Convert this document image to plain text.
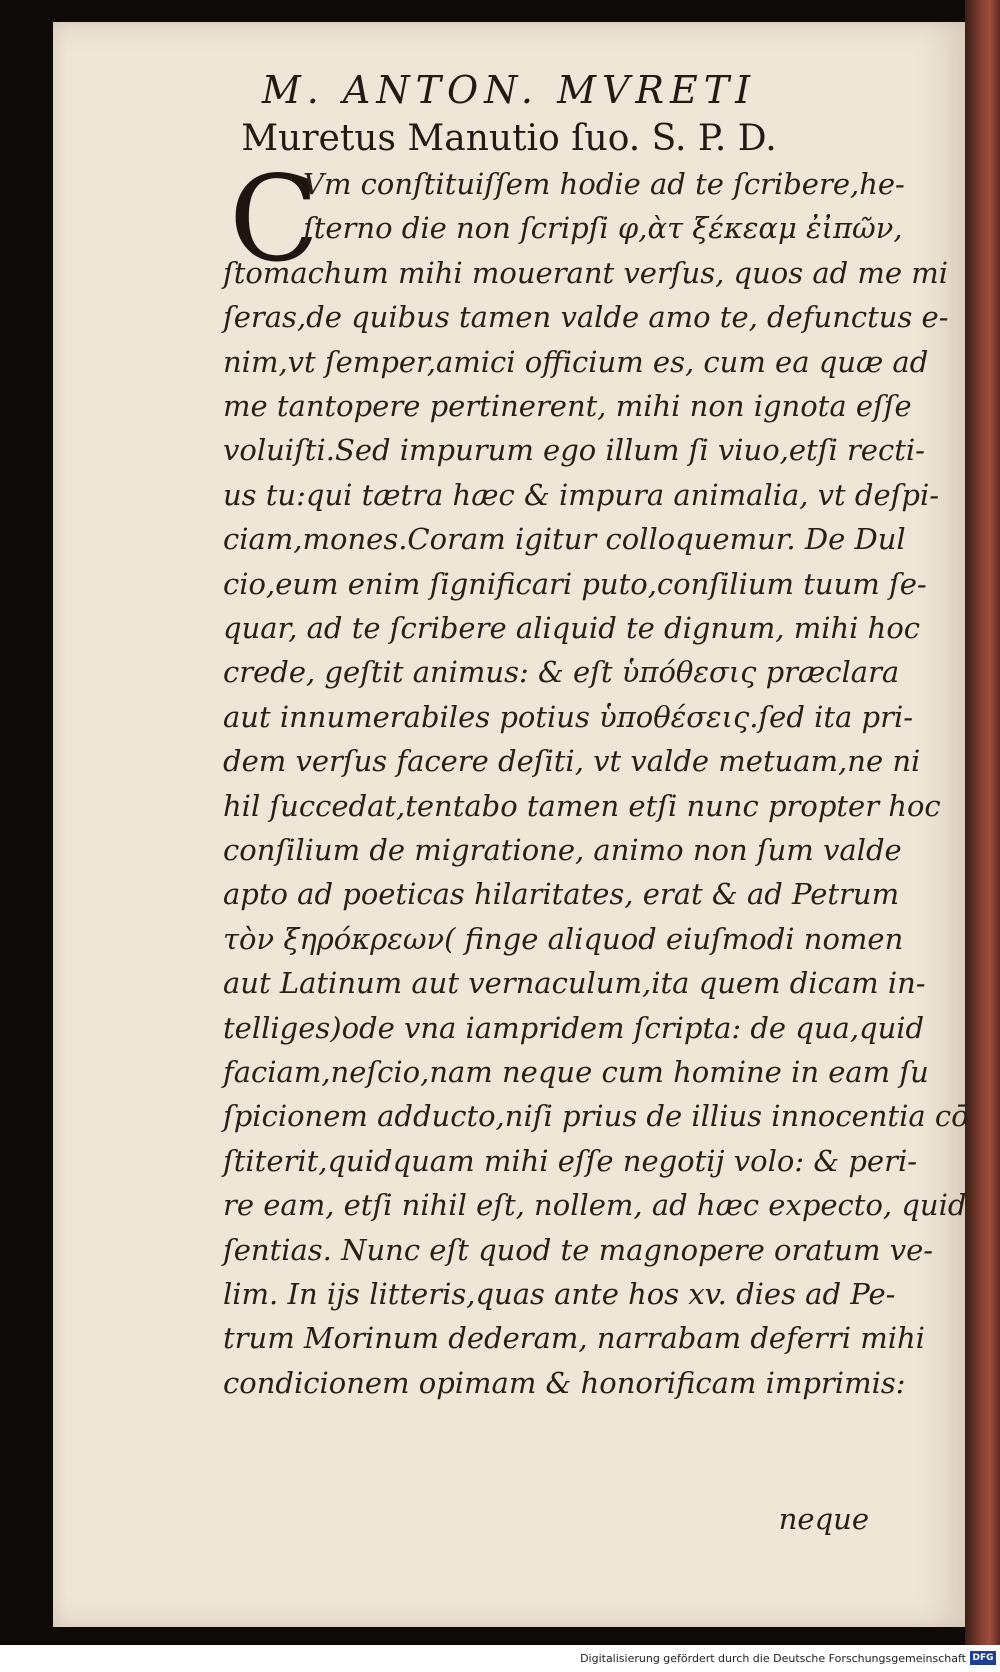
M. ANTON. MVRETI
Muretus Manutio ſuo. S. P. D.
C
Vm conſtituiſſem hodie ad te ſcribere,he-
ſterno die non ſcripſi φ,ὰτ ξέκεαμ ἐἰπῶν,
ſtomachum mihi mouerant verſus, quos ad me mi
ſeras,de quibus tamen valde amo te, defunctus e-
nim,vt ſemper,amici officium es, cum ea quæ ad
me tantopere pertinerent, mihi non ignota eſſe
voluiſti.Sed impurum ego illum ſi viuo,etſi recti-
us tu:qui tætra hæc & impura animalia, vt deſpi-
ciam,mones.Coram igitur colloquemur. De Dul
cio,eum enim ſignificari puto,conſilium tuum ſe-
quar, ad te ſcribere aliquid te dignum, mihi hoc
crede, geſtit animus: & eſt ὑπόθεσις præclara
aut innumerabiles potius ὑποθέσεις.ſed ita pri-
dem verſus facere deſiti, vt valde metuam,ne ni
hil ſuccedat,tentabo tamen etſi nunc propter hoc
conſilium de migratione, animo non ſum valde
apto ad poeticas hilaritates, erat & ad Petrum
τὸν ξηρόκρεων( finge aliquod eiuſmodi nomen
aut Latinum aut vernaculum,ita quem dicam in-
telliges)ode vna iampridem ſcripta: de qua,quid
faciam,neſcio,nam neque cum homine in eam ſu
ſpicionem adducto,niſi prius de illius innocentia cō
ſtiterit,quidquam mihi eſſe negotij volo: & peri-
re eam, etſi nihil eſt, nollem, ad hæc expecto, quid
ſentias. Nunc eſt quod te magnopere oratum ve-
lim. In ijs litteris,quas ante hos xv. dies ad Pe-
trum Morinum dederam, narrabam deferri mihi
condicionem opimam & honorificam imprimis:
neque
Digitalisierung gefördert durch die Deutsche Forschungsgemeinschaft DFG
